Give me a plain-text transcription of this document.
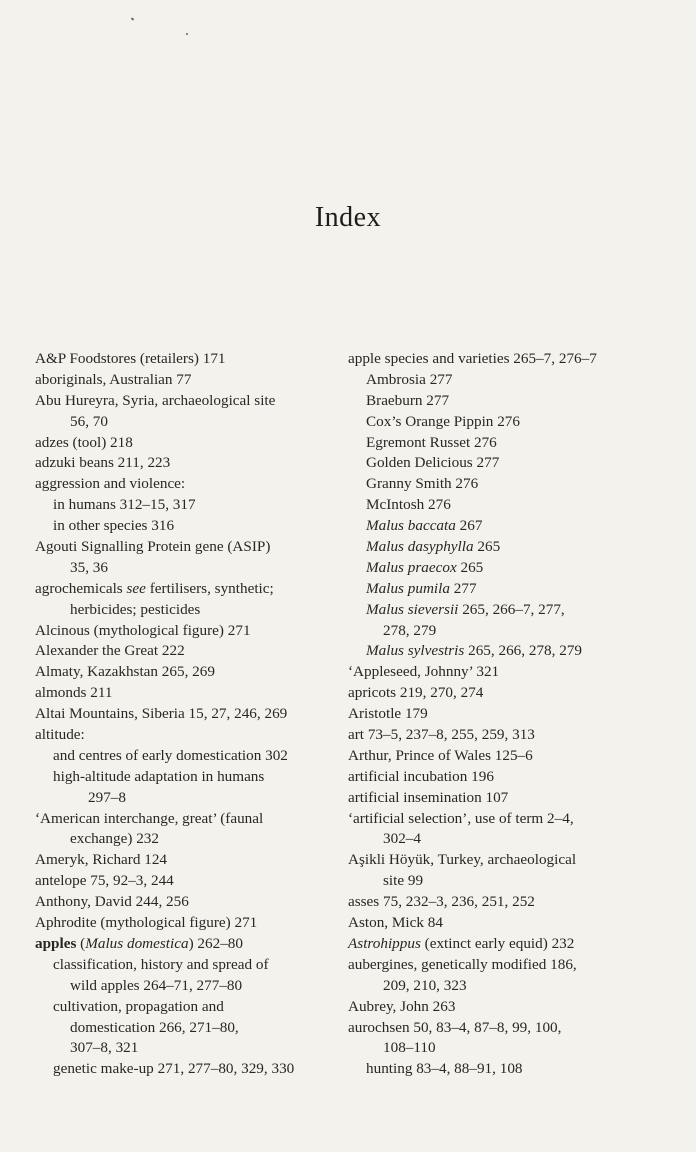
Index
A&P Foodstores (retailers) 171
aboriginals, Australian 77
Abu Hureyra, Syria, archaeological site
56, 70
adzes (tool) 218
adzuki beans 211, 223
aggression and violence:
in humans 312–15, 317
in other species 316
Agouti Signalling Protein gene (ASIP)
35, 36
agrochemicals see fertilisers, synthetic;
herbicides; pesticides
Alcinous (mythological figure) 271
Alexander the Great 222
Almaty, Kazakhstan 265, 269
almonds 211
Altai Mountains, Siberia 15, 27, 246, 269
altitude:
and centres of early domestication 302
high-altitude adaptation in humans
297–8
‘American interchange, great’ (faunal
exchange) 232
Ameryk, Richard 124
antelope 75, 92–3, 244
Anthony, David 244, 256
Aphrodite (mythological figure) 271
apples (Malus domestica) 262–80
classification, history and spread of
wild apples 264–71, 277–80
cultivation, propagation and
domestication 266, 271–80,
307–8, 321
genetic make-up 271, 277–80, 329, 330
apple species and varieties 265–7, 276–7
Ambrosia 277
Braeburn 277
Cox’s Orange Pippin 276
Egremont Russet 276
Golden Delicious 277
Granny Smith 276
McIntosh 276
Malus baccata 267
Malus dasyphylla 265
Malus praecox 265
Malus pumila 277
Malus sieversii 265, 266–7, 277,
278, 279
Malus sylvestris 265, 266, 278, 279
‘Appleseed, Johnny’ 321
apricots 219, 270, 274
Aristotle 179
art 73–5, 237–8, 255, 259, 313
Arthur, Prince of Wales 125–6
artificial incubation 196
artificial insemination 107
‘artificial selection’, use of term 2–4,
302–4
Aşikli Höyük, Turkey, archaeological
site 99
asses 75, 232–3, 236, 251, 252
Aston, Mick 84
Astrohippus (extinct early equid) 232
aubergines, genetically modified 186,
209, 210, 323
Aubrey, John 263
aurochsen 50, 83–4, 87–8, 99, 100,
108–110
hunting 83–4, 88–91, 108
